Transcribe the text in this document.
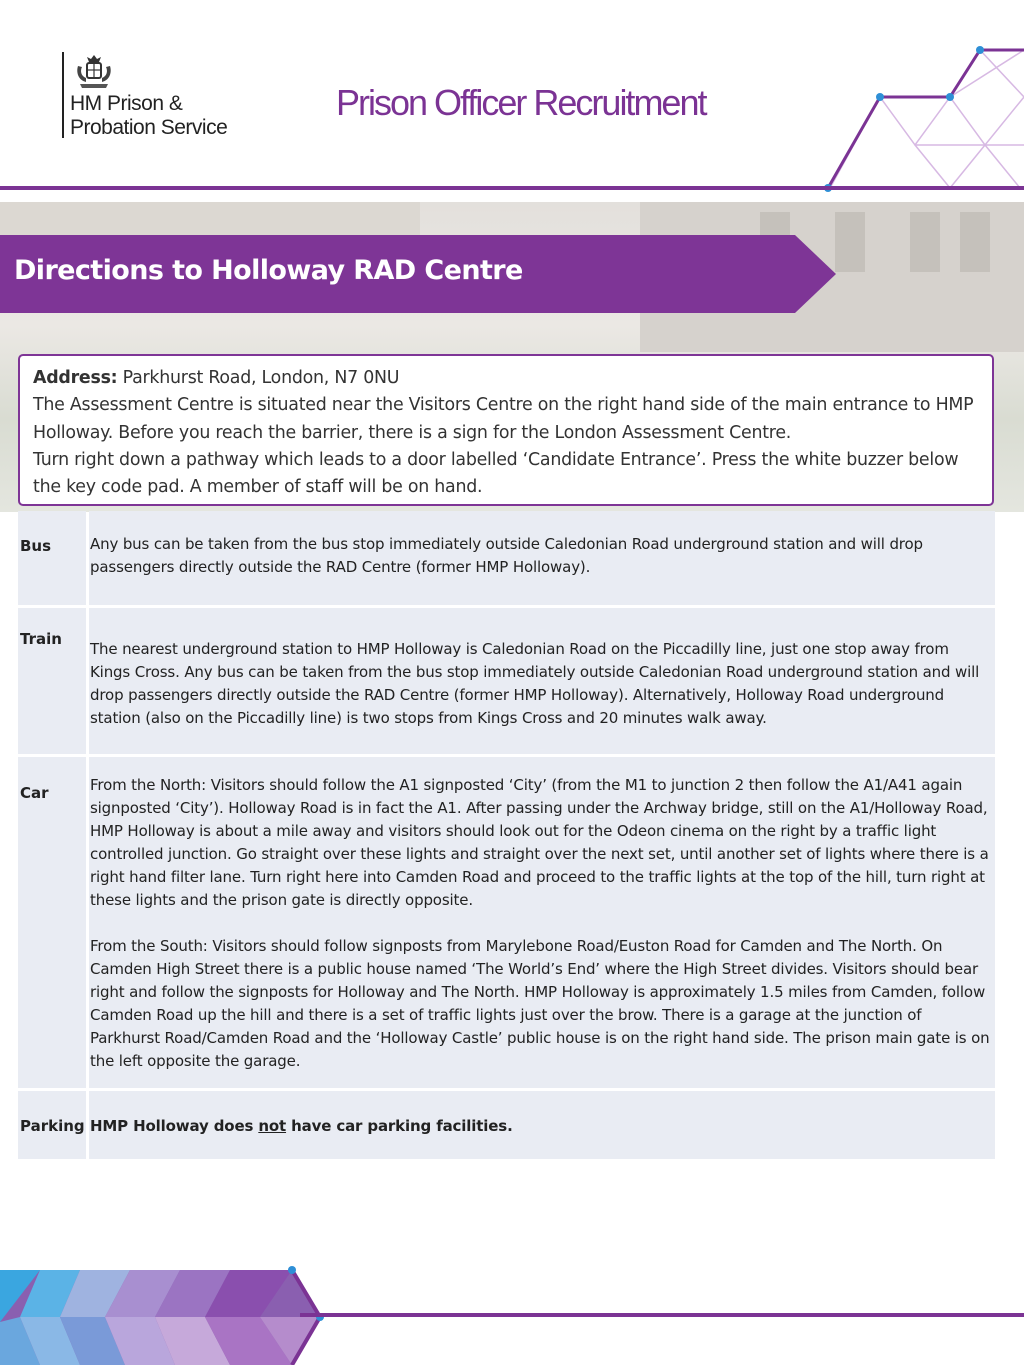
HM Prison &
Probation Service
Prison Officer Recruitment
Directions to Holloway RAD Centre

Address: Parkhurst Road, London, N7 0NU

The Assessment Centre is situated near the Visitors Centre on the right hand side of the main entrance to HMP Holloway. Before you reach the barrier, there is a sign for the London Assessment Centre.

Turn right down a pathway which leads to a door labelled ‘Candidate Entrance’. Press the white buzzer below the key code pad. A member of staff will be on hand.

Bus	Any bus can be taken from the bus stop immediately outside Caledonian Road underground station and will drop passengers directly outside the RAD Centre (former HMP Holloway).

Train

The nearest underground station to HMP Holloway is Caledonian Road on the Piccadilly line, just one stop away from Kings Cross. Any bus can be taken from the bus stop immediately outside Caledonian Road underground station and will drop passengers directly outside the RAD Centre (former HMP Holloway). Alternatively, Holloway Road underground station (also on the Piccadilly line) is two stops from Kings Cross and 20 minutes walk away.

Car	From the North: Visitors should follow the A1 signposted ‘City’ (from the M1 to junction 2 then follow the A1/A41 again signposted ‘City’). Holloway Road is in fact the A1. After passing under the Archway bridge, still on the A1/Holloway Road, HMP Holloway is about a mile away and visitors should look out for the Odeon cinema on the right by a traffic light controlled junction. Go straight over these lights and straight over the next set, until another set of lights where there is a right hand filter lane. Turn right here into Camden Road and proceed to the traffic lights at the top of the hill, turn right at these lights and the prison gate is directly opposite.

From the South: Visitors should follow signposts from Marylebone Road/Euston Road for Camden and The North. On Camden High Street there is a public house named ‘The World’s End’ where the High Street divides. Visitors should bear right and follow the signposts for Holloway and The North. HMP Holloway is approximately 1.5 miles from Camden, follow Camden Road up the hill and there is a set of traffic lights just over the brow. There is a garage at the junction of Parkhurst Road/Camden Road and the ‘Holloway Castle’ public house is on the right hand side. The prison main gate is on the left opposite the garage.

Parking HMP Holloway does not have car parking facilities.
